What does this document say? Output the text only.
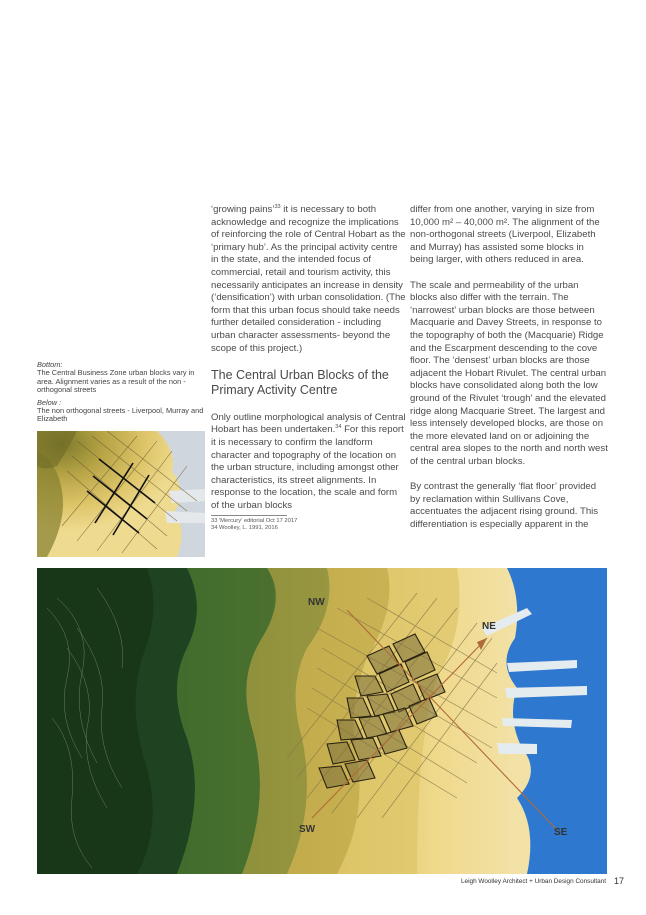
Bottom:
The Central Business Zone urban blocks vary in area. Alignment varies as a result of the non - orthogonal streets
Below :
The non orthogonal streets - Liverpool, Murray and Elizabeth

‘growing pains’$^{33}$ it is necessary to both acknowledge and recognize the implications of reinforcing the role of Central Hobart as the ‘primary hub’. As the principal activity centre in the state, and the intended focus of commercial, retail and tourism activity, this necessarily anticipates an increase in density (‘densification’) with urban consolidation. (The form that this urban focus should take needs further detailed consideration - including urban character assessments- beyond the scope of this project.)

The Central Urban Blocks of the Primary Activity Centre

Only outline morphological analysis of Central Hobart has been undertaken.$^{34}$ For this report it is necessary to confirm the landform character and topography of the location on the urban structure, including amongst other characteristics, its street alignments. In response to the location, the scale and form of the urban blocks

33 'Mercury' editorial Oct 17 2017
34 Woolley, L. 1991, 2016

differ from one another, varying in size from 10,000 m² – 40,000 m². The alignment of the non-orthogonal streets (Liverpool, Elizabeth and Murray) has assisted some blocks in being larger, with others reduced in area.

The scale and permeability of the urban blocks also differ with the terrain. The ‘narrowest’ urban blocks are those between Macquarie and Davey Streets, in response to the topography of both the (Macquarie) Ridge and the Escarpment descending to the cove floor. The ‘densest’ urban blocks are those adjacent the Hobart Rivulet. The central urban blocks have consolidated along both the low ground of the Rivulet ‘trough’ and the elevated ridge along Macquarie Street. The largest and less intensely developed blocks, are those on the more elevated land on or adjoining the central area slopes to the north and north west of the central urban blocks.

By contrast the generally ‘flat floor’ provided by reclamation within Sullivans Cove, accentuates the adjacent rising ground. This differentiation is especially apparent in the

NW
NE
SW	SE
Leigh Woolley Architect + Urban Design Consultant 17
